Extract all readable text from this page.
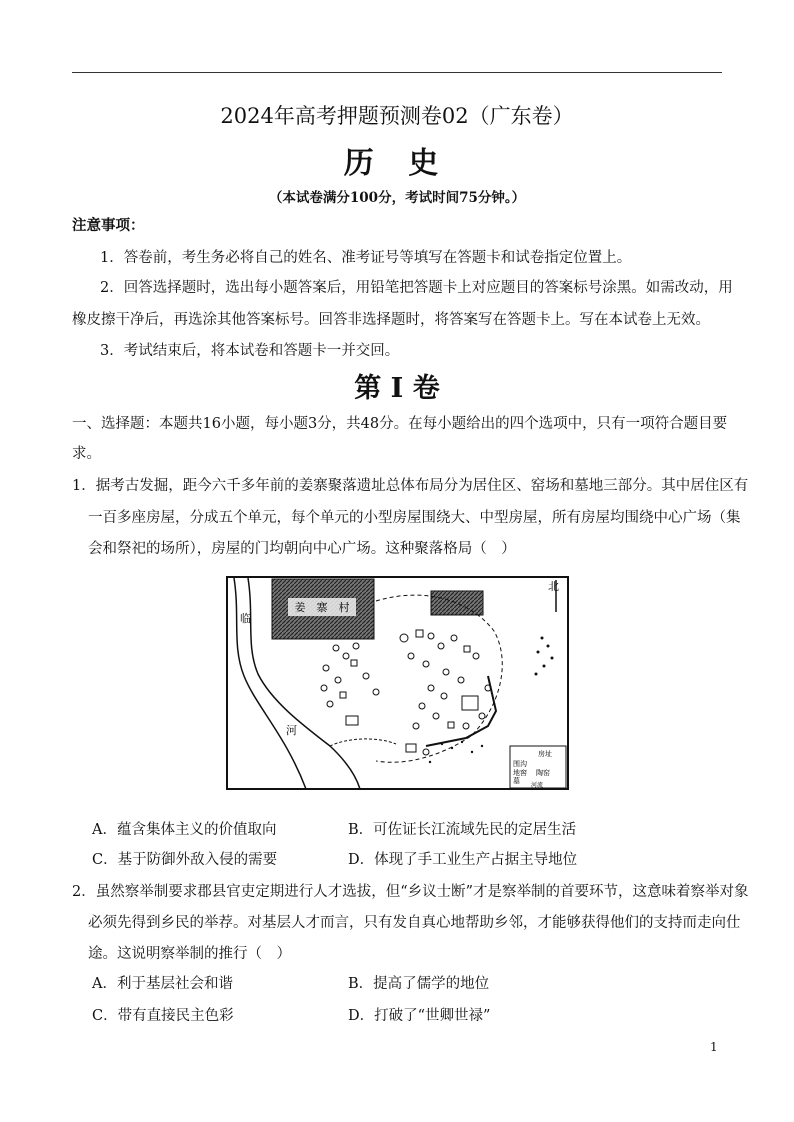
2024年高考押题预测卷02（广东卷）
历 史
（本试卷满分100分，考试时间75分钟。）
注意事项：
1．答卷前，考生务必将自己的姓名、准考证号等填写在答题卡和试卷指定位置上。
2．回答选择题时，选出每小题答案后，用铅笔把答题卡上对应题目的答案标号涂黑。如需改动，用
橡皮擦干净后，再选涂其他答案标号。回答非选择题时，将答案写在答题卡上。写在本试卷上无效。
3．考试结束后，将本试卷和答题卡一并交回。
第 I 卷
一、选择题：本题共16小题，每小题3分，共48分。在每小题给出的四个选项中，只有一项符合题目要
求。
1．据考古发掘，距今六千多年前的姜寨聚落遗址总体布局分为居住区、窑场和墓地三部分。其中居住区有
一百多座房屋，分成五个单元，每个单元的小型房屋围绕大、中型房屋，所有房屋均围绕中心广场（集
会和祭祀的场所），房屋的门均朝向中心广场。这种聚落格局（　）
姜　寨　村
北
临
河
房址
围沟
地窖 陶窑
墓
河流
A．蕴含集体主义的价值取向	B．可佐证长江流域先民的定居生活
C．基于防御外敌入侵的需要	D．体现了手工业生产占据主导地位
2．虽然察举制要求郡县官吏定期进行人才选拔，但“乡议士断”才是察举制的首要环节，这意味着察举对象
必须先得到乡民的举荐。对基层人才而言，只有发自真心地帮助乡邻，才能够获得他们的支持而走向仕
途。这说明察举制的推行（　）
A．利于基层社会和谐	B．提高了儒学的地位
C．带有直接民主色彩	D．打破了“世卿世禄”
1
